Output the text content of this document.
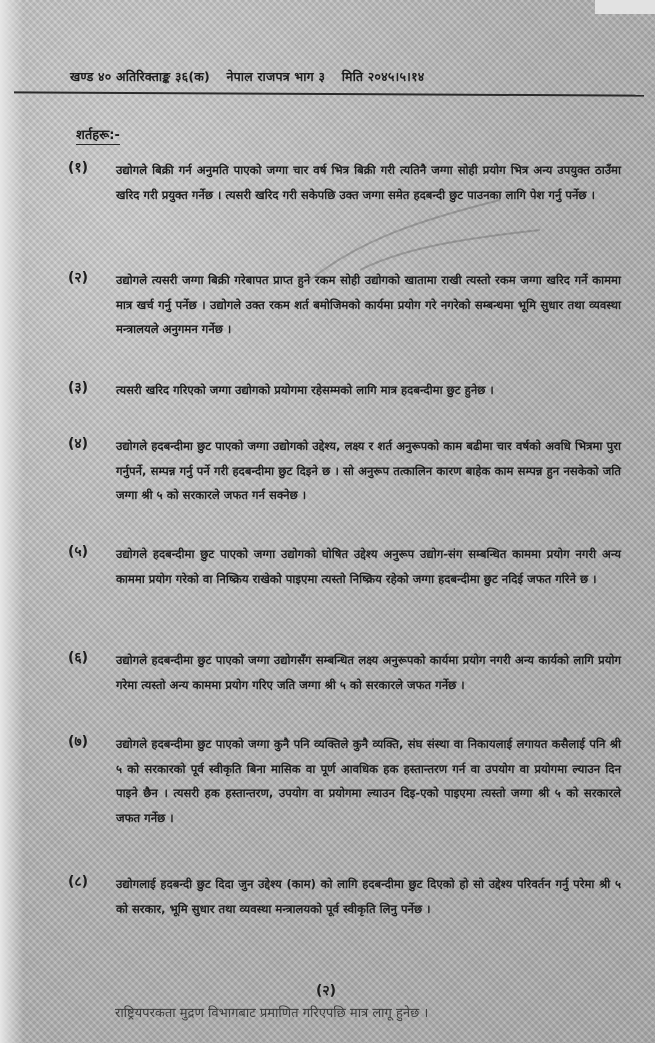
खण्ड ४० अतिरिक्ताङ्क ३६(क) नेपाल राजपत्र भाग ३ मिति २०४५।५।१४
शर्तहरू:-
(१) उद्योगले बिक्री गर्न अनुमति पाएको जग्गा चार वर्ष भित्र बिक्री गरी त्यतिनै जग्गा सोही प्रयोग भित्र अन्य उपयुक्त ठाउँमा खरिद गरी प्रयुक्त गर्नेछ । त्यसरी खरिद गरी सकेपछि उक्त जग्गा समेत हदबन्दी छुट पाउनका लागि पेश गर्नु पर्नेछ ।
(२) उद्योगले त्यसरी जग्गा बिक्री गरेबापत प्राप्त हुने रकम सोही उद्योगको खातामा राखी त्यस्तो रकम जग्गा खरिद गर्ने काममा मात्र खर्च गर्नु पर्नेछ । उद्योगले उक्त रकम शर्त बमोजिमको कार्यमा प्रयोग गरे नगरेको सम्बन्धमा भूमि सुधार तथा व्यवस्था मन्त्रालयले अनुगमन गर्नेछ ।
(३) त्यसरी खरिद गरिएको जग्गा उद्योगको प्रयोगमा रहेसम्मको लागि मात्र हदबन्दीमा छुट हुनेछ ।
(४) उद्योगले हदबन्दीमा छुट पाएको जग्गा उद्योगको उद्देश्य, लक्ष्य र शर्त अनुरूपको काम बढीमा चार वर्षको अवधि भित्रमा पुरा गर्नुपर्ने, सम्पन्न गर्नु पर्ने गरी हदबन्दीमा छुट दिइने छ । सो अनुरूप तत्कालिन कारण बाहेक काम सम्पन्न हुन नसकेको जति जग्गा श्री ५ को सरकारले जफत गर्न सक्नेछ ।
(५) उद्योगले हदबन्दीमा छुट पाएको जग्गा उद्योगको घोषित उद्देश्य अनुरूप उद्योग-संग सम्बन्धित काममा प्रयोग नगरी अन्य काममा प्रयोग गरेको वा निष्क्रिय राखेको पाइएमा त्यस्तो निष्क्रिय रहेको जग्गा हदबन्दीमा छुट नदिई जफत गरिने छ ।
(६) उद्योगले हदबन्दीमा छुट पाएको जग्गा उद्योगसँग सम्बन्धित लक्ष्य अनुरूपको कार्यमा प्रयोग नगरी अन्य कार्यको लागि प्रयोग गरेमा त्यस्तो अन्य काममा प्रयोग गरिए जति जग्गा श्री ५ को सरकारले जफत गर्नेछ ।
(७) उद्योगले हदबन्दीमा छुट पाएको जग्गा कुनै पनि व्यक्तिले कुनै व्यक्ति, संघ संस्था वा निकायलाई लगायत कसैलाई पनि श्री ५ को सरकारको पूर्व स्वीकृति बिना मासिक वा पूर्ण आवधिक हक हस्तान्तरण गर्न वा उपयोग वा प्रयोगमा ल्याउन दिन पाइने छैन । त्यसरी हक हस्तान्तरण, उपयोग वा प्रयोगमा ल्याउन दिइ-एको पाइएमा त्यस्तो जग्गा श्री ५ को सरकारले जफत गर्नेछ ।
(८) उद्योगलाई हदबन्दी छुट दिदा जुन उद्देश्य (काम) को लागि हदबन्दीमा छुट दिएको हो सो उद्देश्य परिवर्तन गर्नु परेमा श्री ५ को सरकार, भूमि सुधार तथा व्यवस्था मन्त्रालयको पूर्व स्वीकृति लिनु पर्नेछ ।
(२)
राष्ट्रियपरकता मुद्रण विभागबाट प्रमाणित गरिएपछि मात्र लागू हुनेछ ।
